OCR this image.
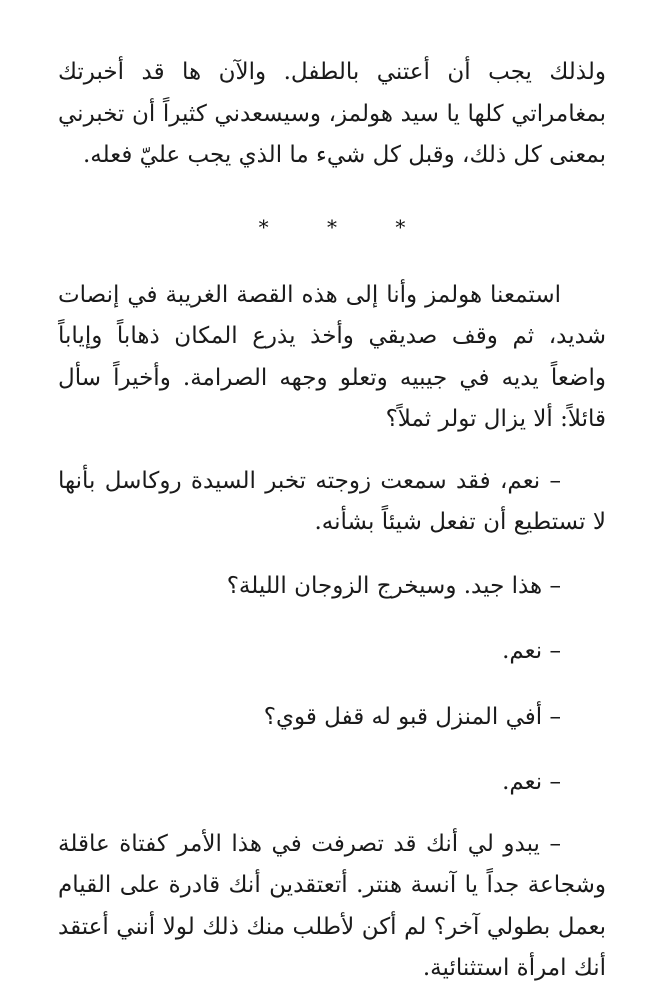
ولذلك يجب أن أعتني بالطفل. والآن ها قد أخبرتك بمغامراتي كلها يا سيد هولمز، وسيسعدني كثيراً أن تخبرني بمعنى كل ذلك، وقبل كل شيء ما الذي يجب عليّ فعله.

* * *

استمعنا هولمز وأنا إلى هذه القصة الغريبة في إنصات شديد، ثم وقف صديقي وأخذ يذرع المكان ذهاباً وإياباً واضعاً يديه في جيبيه وتعلو وجهه الصرامة. وأخيراً سأل قائلاً: ألا يزال تولر ثملاً؟

– نعم، فقد سمعت زوجته تخبر السيدة روكاسل بأنها لا تستطيع أن تفعل شيئاً بشأنه.

– هذا جيد. وسيخرج الزوجان الليلة؟

– نعم.

– أفي المنزل قبو له قفل قوي؟

– نعم.

– يبدو لي أنك قد تصرفت في هذا الأمر كفتاة عاقلة وشجاعة جداً يا آنسة هنتر. أتعتقدين أنك قادرة على القيام بعمل بطولي آخر؟ لم أكن لأطلب منك ذلك لولا أنني أعتقد أنك امرأة استثنائية.
